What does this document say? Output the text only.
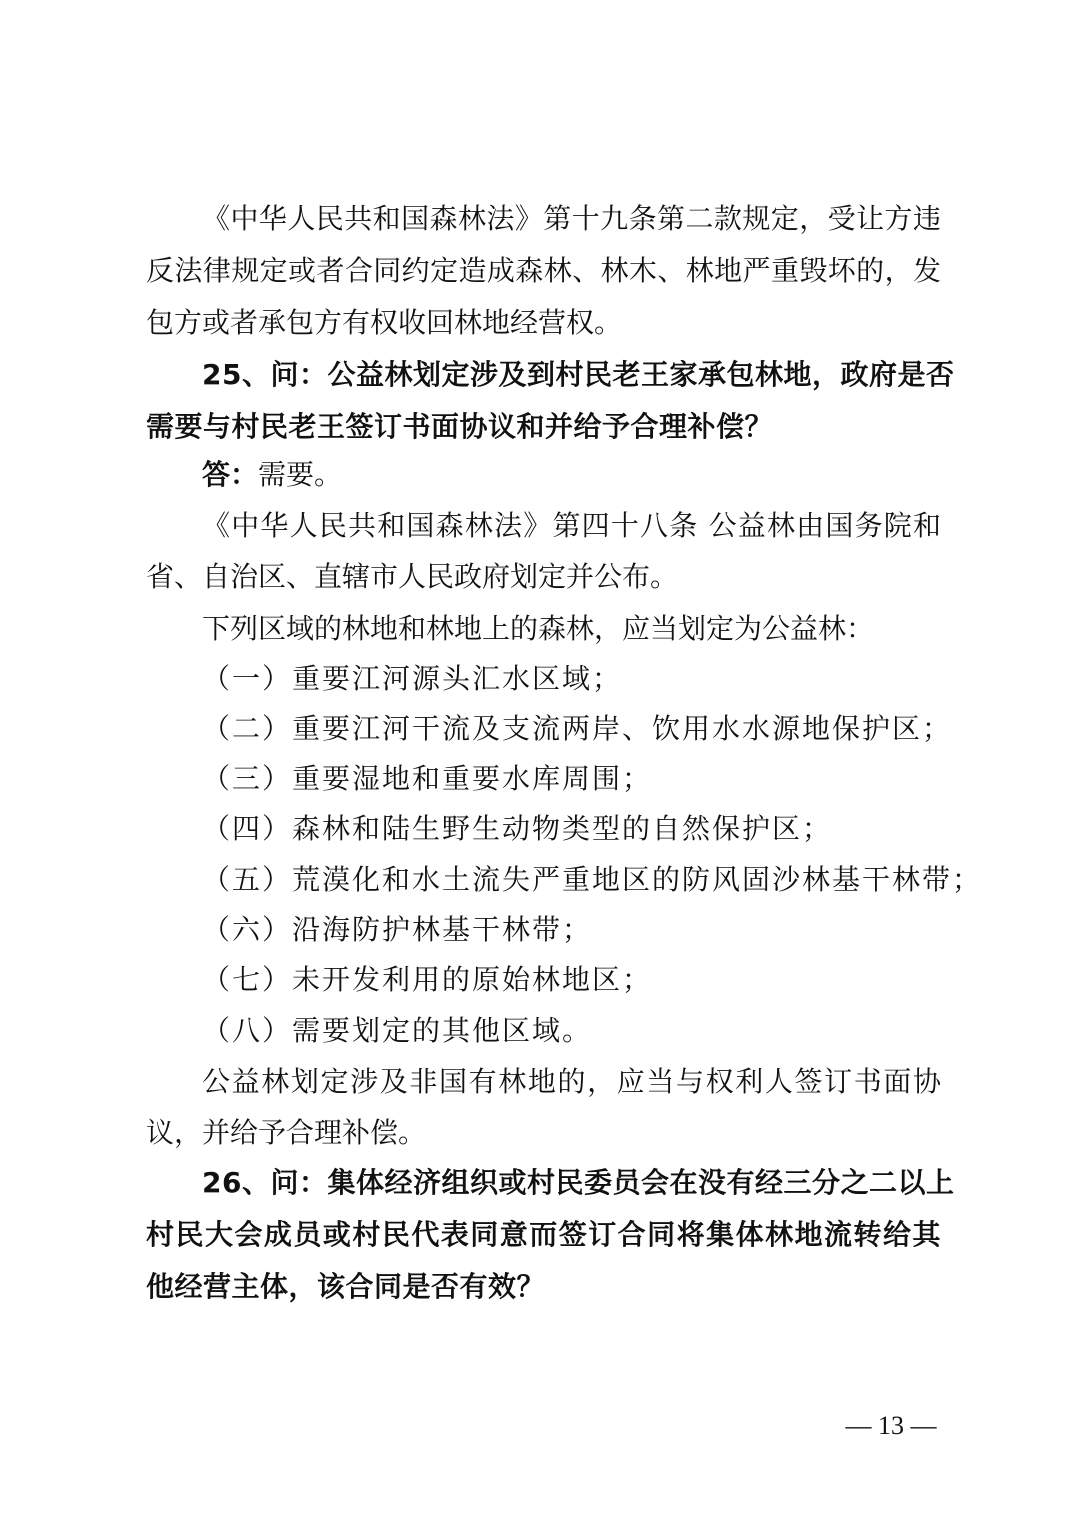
《中华人民共和国森林法》第十九条第二款规定，受让方违
反法律规定或者合同约定造成森林、林木、林地严重毁坏的，发
包方或者承包方有权收回林地经营权。
25、问：公益林划定涉及到村民老王家承包林地，政府是否
需要与村民老王签订书面协议和并给予合理补偿？
答：需要。
《中华人民共和国森林法》第四十八条 公益林由国务院和
省、自治区、直辖市人民政府划定并公布。
下列区域的林地和林地上的森林，应当划定为公益林：
（一）重要江河源头汇水区域；
（二）重要江河干流及支流两岸、饮用水水源地保护区；
（三）重要湿地和重要水库周围；
（四）森林和陆生野生动物类型的自然保护区；
（五）荒漠化和水土流失严重地区的防风固沙林基干林带；
（六）沿海防护林基干林带；
（七）未开发利用的原始林地区；
（八）需要划定的其他区域。
公益林划定涉及非国有林地的，应当与权利人签订书面协
议，并给予合理补偿。
26、问：集体经济组织或村民委员会在没有经三分之二以上
村民大会成员或村民代表同意而签订合同将集体林地流转给其
他经营主体，该合同是否有效？
— 13 —
